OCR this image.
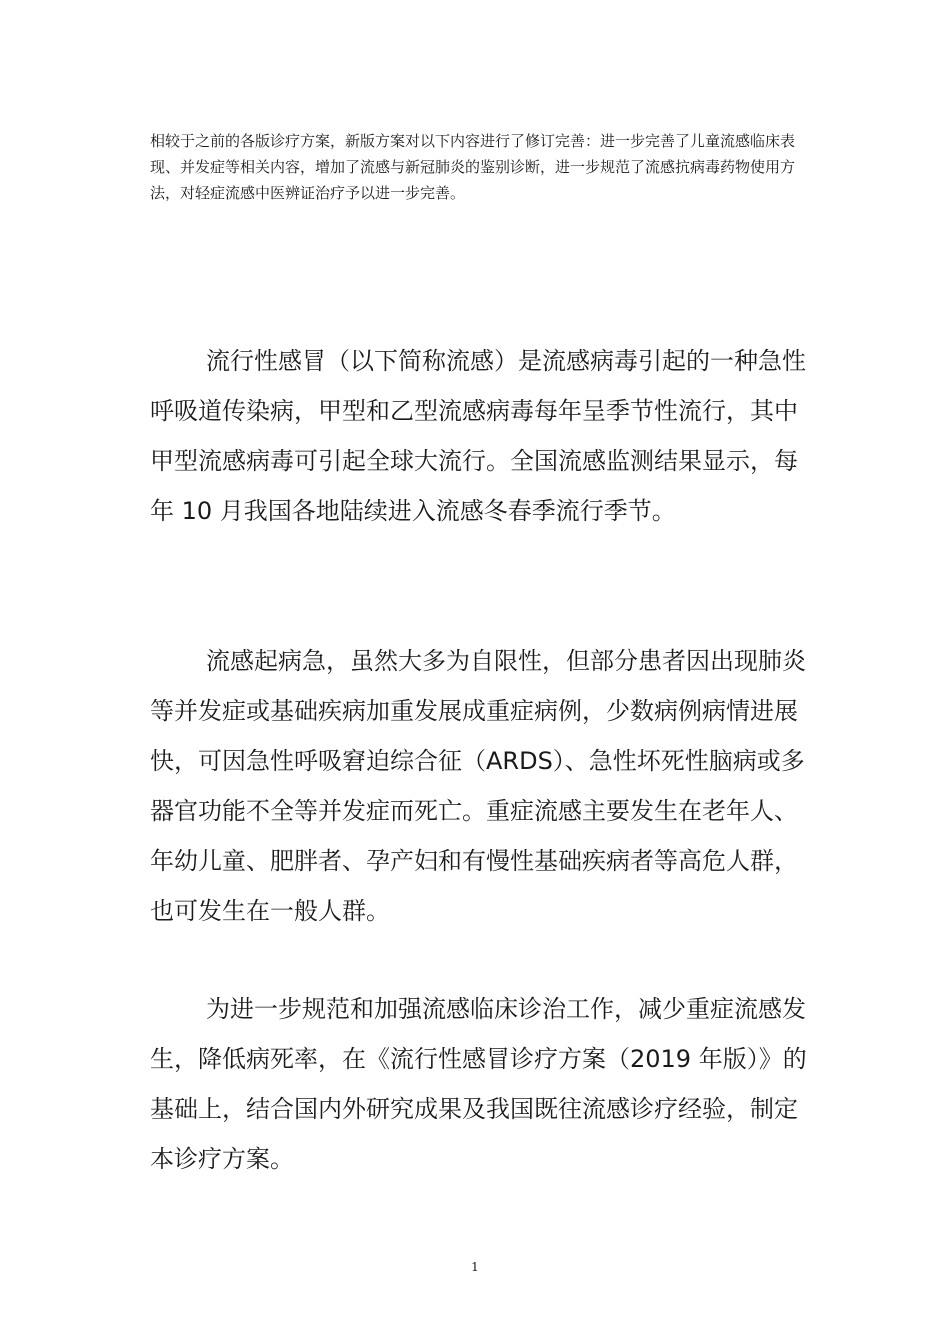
相较于之前的各版诊疗方案，新版方案对以下内容进行了修订完善：进一步完善了儿童流感临床表现、并发症等相关内容，增加了流感与新冠肺炎的鉴别诊断，进一步规范了流感抗病毒药物使用方法，对轻症流感中医辨证治疗予以进一步完善。

流行性感冒（以下简称流感）是流感病毒引起的一种急性呼吸道传染病，甲型和乙型流感病毒每年呈季节性流行，其中甲型流感病毒可引起全球大流行。全国流感监测结果显示，每年 10 月我国各地陆续进入流感冬春季流行季节。

流感起病急，虽然大多为自限性，但部分患者因出现肺炎等并发症或基础疾病加重发展成重症病例，少数病例病情进展快，可因急性呼吸窘迫综合征（ARDS）、急性坏死性脑病或多器官功能不全等并发症而死亡。重症流感主要发生在老年人、年幼儿童、肥胖者、孕产妇和有慢性基础疾病者等高危人群，也可发生在一般人群。

为进一步规范和加强流感临床诊治工作，减少重症流感发生，降低病死率，在《流行性感冒诊疗方案（2019 年版）》的基础上，结合国内外研究成果及我国既往流感诊疗经验，制定本诊疗方案。

1
